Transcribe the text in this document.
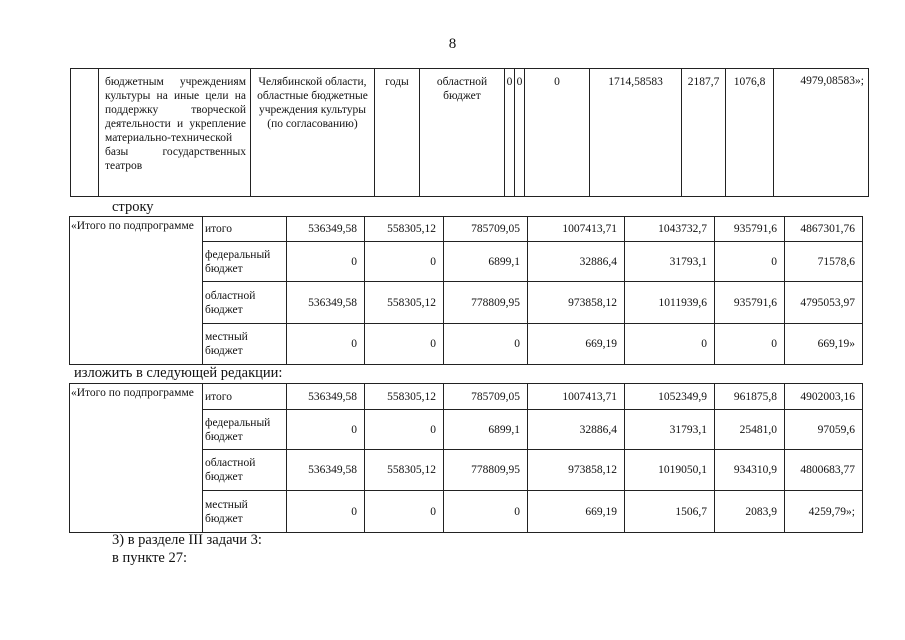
8
	бюджетным учреждениям культуры на иные цели на поддержку творческой деятельности и укрепление материально-технической базы государственных театров	Челябинской области, областные бюджетные учреждения культуры (по согласованию)	годы	областной бюджет	0	0	0	1714,58583	2187,7	1076,8	4979,08583»;
строку
«Итого по подпрограмме	итого	536349,58	558305,12	785709,05	1007413,71	1043732,7	935791,6	4867301,76
	федеральный бюджет	0	0	6899,1	32886,4	31793,1	0	71578,6
	областной бюджет	536349,58	558305,12	778809,95	973858,12	1011939,6	935791,6	4795053,97
	местный бюджет	0	0	0	669,19	0	0	669,19»
изложить в следующей редакции:
«Итого по подпрограмме	итого	536349,58	558305,12	785709,05	1007413,71	1052349,9	961875,8	4902003,16
	федеральный бюджет	0	0	6899,1	32886,4	31793,1	25481,0	97059,6
	областной бюджет	536349,58	558305,12	778809,95	973858,12	1019050,1	934310,9	4800683,77
	местный бюджет	0	0	0	669,19	1506,7	2083,9	4259,79»;
3) в разделе III задачи 3:
в пункте 27:
